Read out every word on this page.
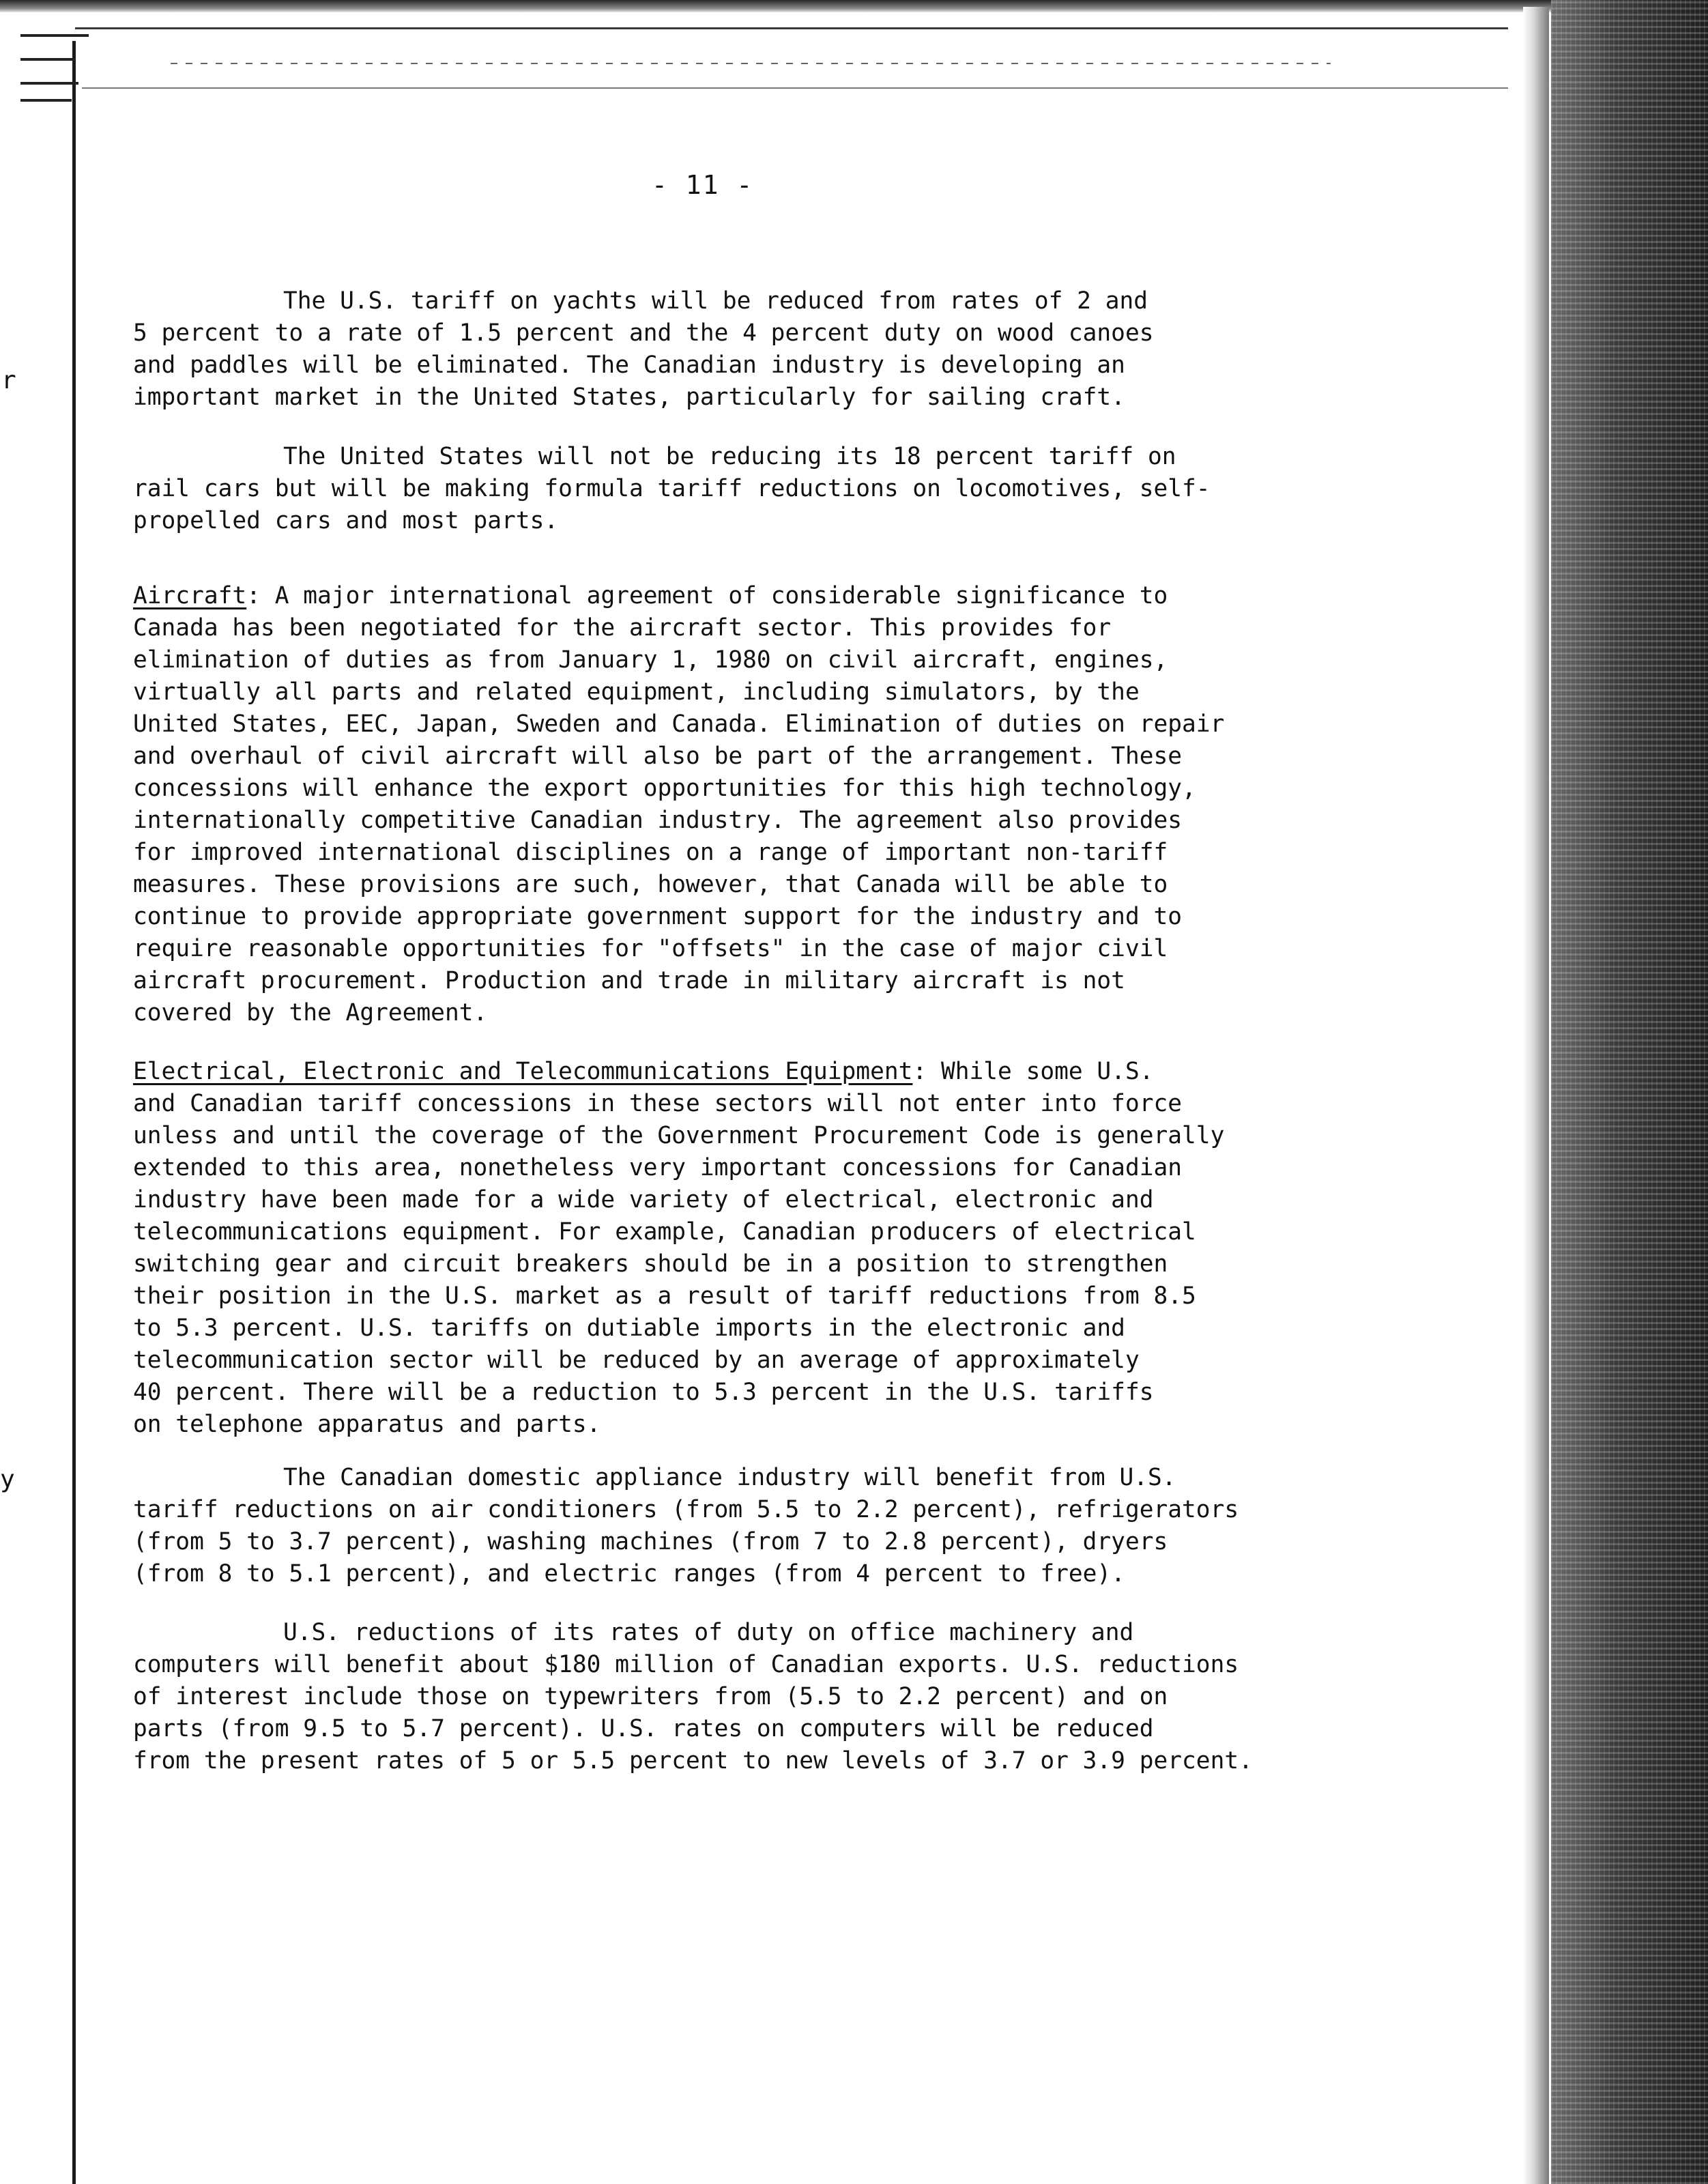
r
y
- 11 -

The U.S. tariff on yachts will be reduced from rates of 2 and
5 percent to a rate of 1.5 percent and the 4 percent duty on wood canoes
and paddles will be eliminated. The Canadian industry is developing an
important market in the United States, particularly for sailing craft.

The United States will not be reducing its 18 percent tariff on
rail cars but will be making formula tariff reductions on locomotives, self-
propelled cars and most parts.

Aircraft: A major international agreement of considerable significance to
Canada has been negotiated for the aircraft sector. This provides for
elimination of duties as from January 1, 1980 on civil aircraft, engines,
virtually all parts and related equipment, including simulators, by the
United States, EEC, Japan, Sweden and Canada. Elimination of duties on repair
and overhaul of civil aircraft will also be part of the arrangement. These
concessions will enhance the export opportunities for this high technology,
internationally competitive Canadian industry. The agreement also provides
for improved international disciplines on a range of important non-tariff
measures. These provisions are such, however, that Canada will be able to
continue to provide appropriate government support for the industry and to
require reasonable opportunities for "offsets" in the case of major civil
aircraft procurement. Production and trade in military aircraft is not
covered by the Agreement.

Electrical, Electronic and Telecommunications Equipment: While some U.S.
and Canadian tariff concessions in these sectors will not enter into force
unless and until the coverage of the Government Procurement Code is generally
extended to this area, nonetheless very important concessions for Canadian
industry have been made for a wide variety of electrical, electronic and
telecommunications equipment. For example, Canadian producers of electrical
switching gear and circuit breakers should be in a position to strengthen
their position in the U.S. market as a result of tariff reductions from 8.5
to 5.3 percent. U.S. tariffs on dutiable imports in the electronic and
telecommunication sector will be reduced by an average of approximately
40 percent. There will be a reduction to 5.3 percent in the U.S. tariffs
on telephone apparatus and parts.

The Canadian domestic appliance industry will benefit from U.S.
tariff reductions on air conditioners (from 5.5 to 2.2 percent), refrigerators
(from 5 to 3.7 percent), washing machines (from 7 to 2.8 percent), dryers
(from 8 to 5.1 percent), and electric ranges (from 4 percent to free).

U.S. reductions of its rates of duty on office machinery and
computers will benefit about $180 million of Canadian exports. U.S. reductions
of interest include those on typewriters from (5.5 to 2.2 percent) and on
parts (from 9.5 to 5.7 percent). U.S. rates on computers will be reduced
from the present rates of 5 or 5.5 percent to new levels of 3.7 or 3.9 percent.
